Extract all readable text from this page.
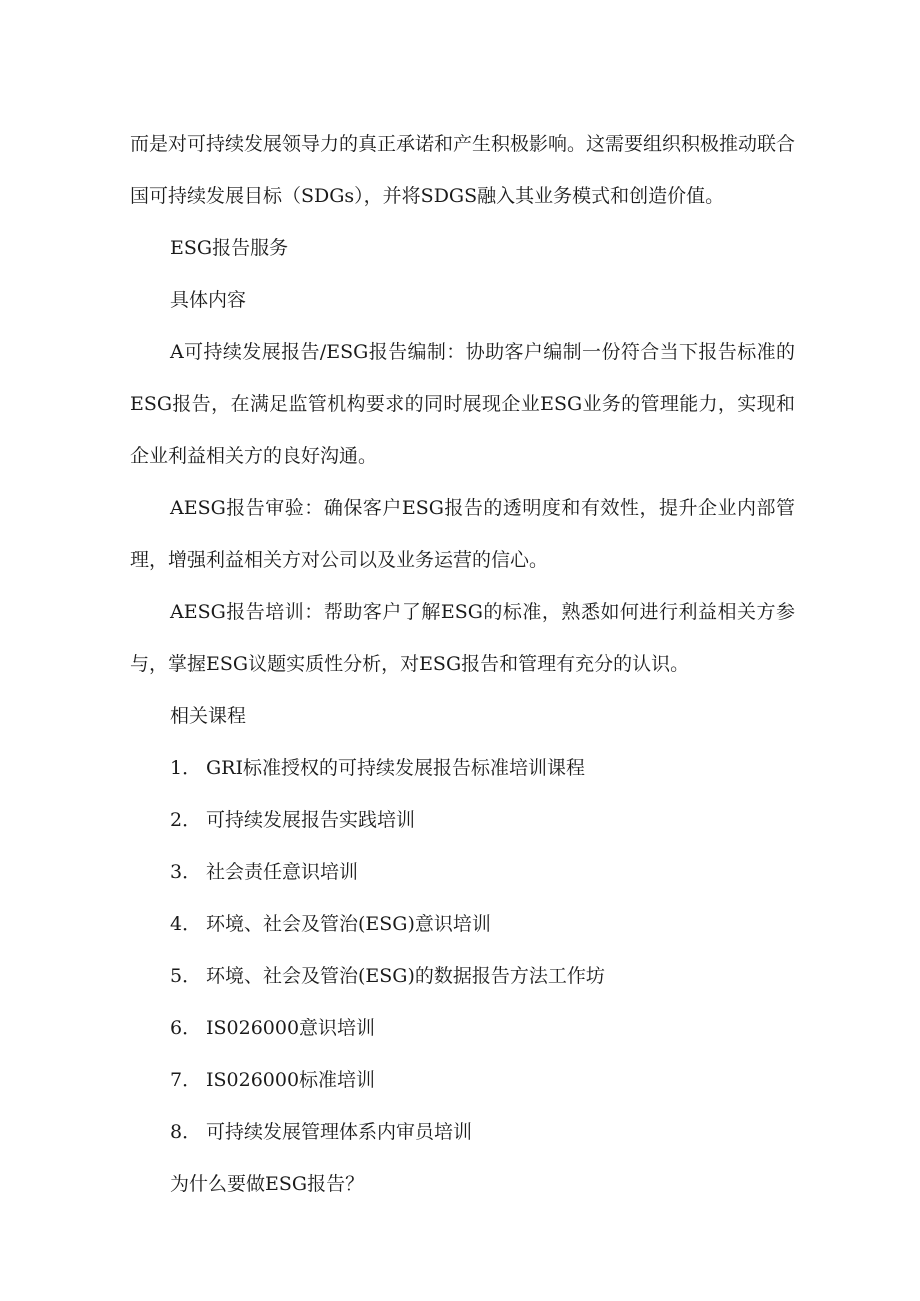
而是对可持续发展领导力的真正承诺和产生积极影响。这需要组织积极推动联合国可持续发展目标（SDGs），并将SDGS融入其业务模式和创造价值。

ESG报告服务

具体内容

A可持续发展报告/ESG报告编制：协助客户编制一份符合当下报告标准的ESG报告，在满足监管机构要求的同时展现企业ESG业务的管理能力，实现和企业利益相关方的良好沟通。

AESG报告审验：确保客户ESG报告的透明度和有效性，提升企业内部管理，增强利益相关方对公司以及业务运营的信心。

AESG报告培训：帮助客户了解ESG的标准，熟悉如何进行利益相关方参与，掌握ESG议题实质性分析，对ESG报告和管理有充分的认识。

相关课程

1． GRI标准授权的可持续发展报告标准培训课程

2． 可持续发展报告实践培训

3． 社会责任意识培训

4． 环境、社会及管治(ESG)意识培训

5． 环境、社会及管治(ESG)的数据报告方法工作坊

6． IS026000意识培训

7． IS026000标准培训

8． 可持续发展管理体系内审员培训

为什么要做ESG报告？
